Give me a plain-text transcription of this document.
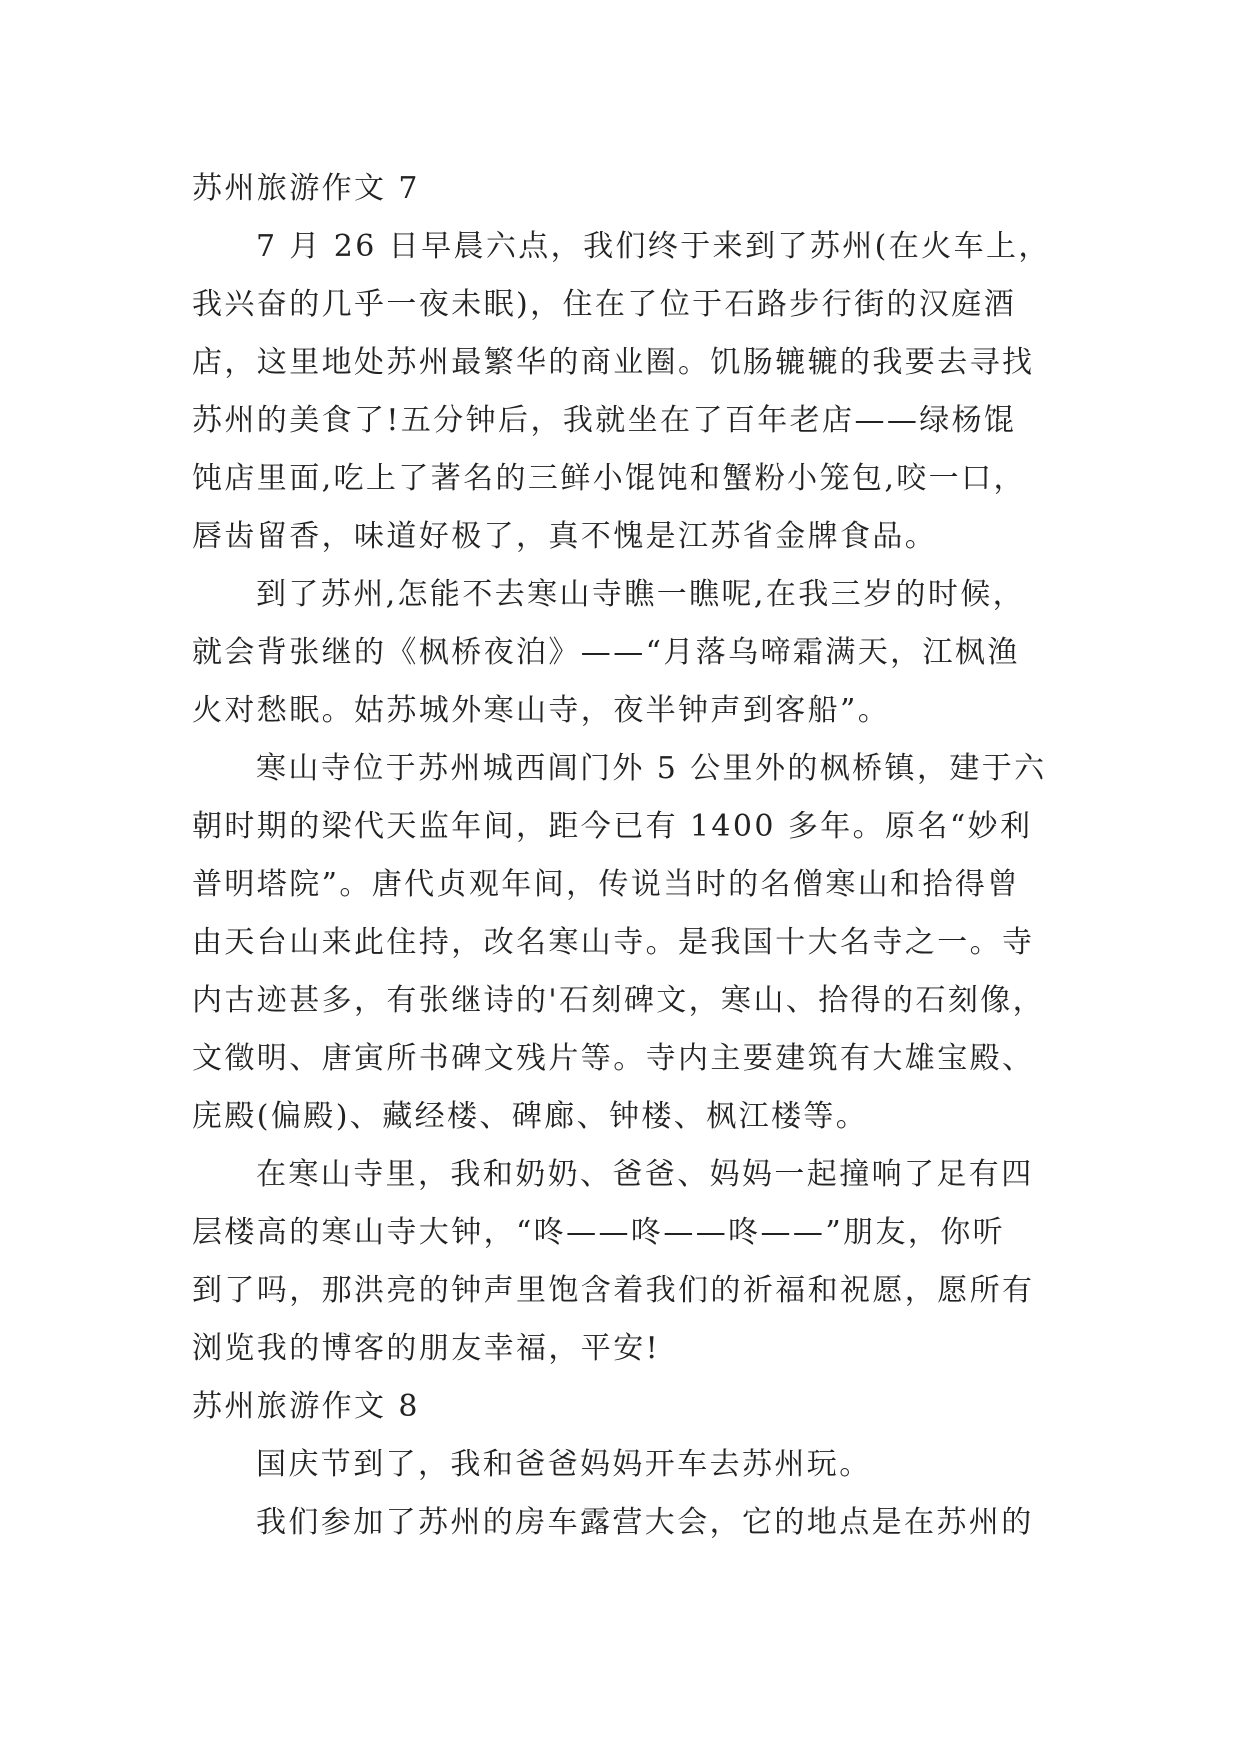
苏州旅游作文 7
7 月 26 日早晨六点，我们终于来到了苏州(在火车上，
我兴奋的几乎一夜未眠)，住在了位于石路步行街的汉庭酒
店，这里地处苏州最繁华的商业圈。饥肠辘辘的我要去寻找
苏州的美食了!五分钟后，我就坐在了百年老店——绿杨馄
饨店里面,吃上了著名的三鲜小馄饨和蟹粉小笼包,咬一口，
唇齿留香，味道好极了，真不愧是江苏省金牌食品。
到了苏州,怎能不去寒山寺瞧一瞧呢,在我三岁的时候，
就会背张继的《枫桥夜泊》——“月落乌啼霜满天，江枫渔
火对愁眠。姑苏城外寒山寺，夜半钟声到客船”。
寒山寺位于苏州城西阊门外 5 公里外的枫桥镇，建于六
朝时期的梁代天监年间，距今已有 1400 多年。原名“妙利
普明塔院”。唐代贞观年间，传说当时的名僧寒山和拾得曾
由天台山来此住持，改名寒山寺。是我国十大名寺之一。寺
内古迹甚多，有张继诗的'石刻碑文，寒山、拾得的石刻像，
文徵明、唐寅所书碑文残片等。寺内主要建筑有大雄宝殿、
庑殿(偏殿)、藏经楼、碑廊、钟楼、枫江楼等。
在寒山寺里，我和奶奶、爸爸、妈妈一起撞响了足有四
层楼高的寒山寺大钟，“咚——咚——咚——”朋友，你听
到了吗，那洪亮的钟声里饱含着我们的祈福和祝愿，愿所有
浏览我的博客的朋友幸福，平安!
苏州旅游作文 8
国庆节到了，我和爸爸妈妈开车去苏州玩。
我们参加了苏州的房车露营大会，它的地点是在苏州的
